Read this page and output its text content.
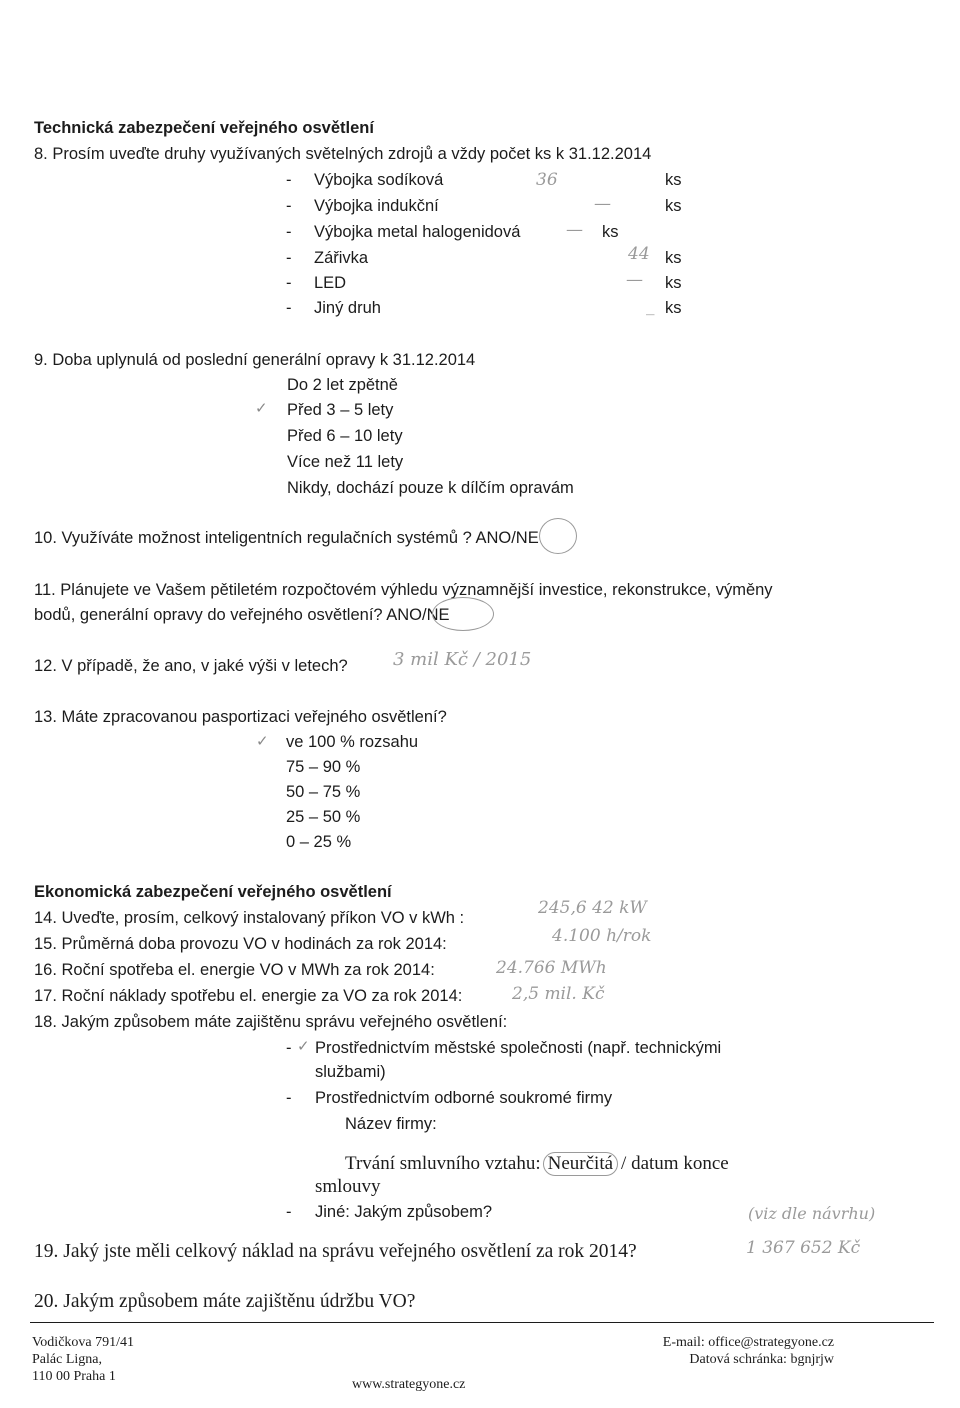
Technická zabezpečení veřejného osvětlení
8. Prosím uveďte druhy využívaných světelných zdrojů a vždy počet ks k 31.12.2014
- Výbojka sodíková	36	ks
- Výbojka indukční	—	ks
- Výbojka metal halogenidová	— ks
- Zářivka	44 ks
- LED	— ks
- Jiný druh	_ ks
9. Doba uplynulá od poslední generální opravy k 31.12.2014
Do 2 let zpětně
✓ Před 3 – 5 lety
Před 6 – 10 lety
Více než 11 lety
Nikdy, dochází pouze k dílčím opravám
10. Využíváte možnost inteligentních regulačních systémů ? ANO/NE
11. Plánujete ve Vašem pětiletém rozpočtovém výhledu významnější investice, rekonstrukce, výměny
bodů, generální opravy do veřejného osvětlení? ANO/NE
12. V případě, že ano, v jaké výši v letech?	3 mil Kč / 2015
13. Máte zpracovanou pasportizaci veřejného osvětlení?
✓ ve 100 % rozsahu
75 – 90 %
50 – 75 %
25 – 50 %
0 – 25 %
Ekonomická zabezpečení veřejného osvětlení
14. Uveďte, prosím, celkový instalovaný příkon VO v kWh :	245,6 42 kW
15. Průměrná doba provozu VO v hodinách za rok 2014:	4.100 h/rok
16. Roční spotřeba el. energie VO v MWh za rok 2014:	24.766 MWh
17. Roční náklady spotřebu el. energie za VO za rok 2014:	2,5 mil. Kč
18. Jakým způsobem máte zajištěnu správu veřejného osvětlení:
- ✓ Prostřednictvím městské společnosti (např. technickými
službami)
- Prostřednictvím odborné soukromé firmy
Název firmy:
Trvání smluvního vztahu: Neurčitá / datum konce
smlouvy
- Jiné: Jakým způsobem?	(viz dle návrhu)
19. Jaký jste měli celkový náklad na správu veřejného osvětlení za rok 2014?	1 367 652 Kč
20. Jakým způsobem máte zajištěnu údržbu VO?
Vodičkova 791/41
Palác Ligna,
110 00 Praha 1
www.strategyone.cz
E-mail: office@strategyone.cz
Datová schránka: bgnjrjw
